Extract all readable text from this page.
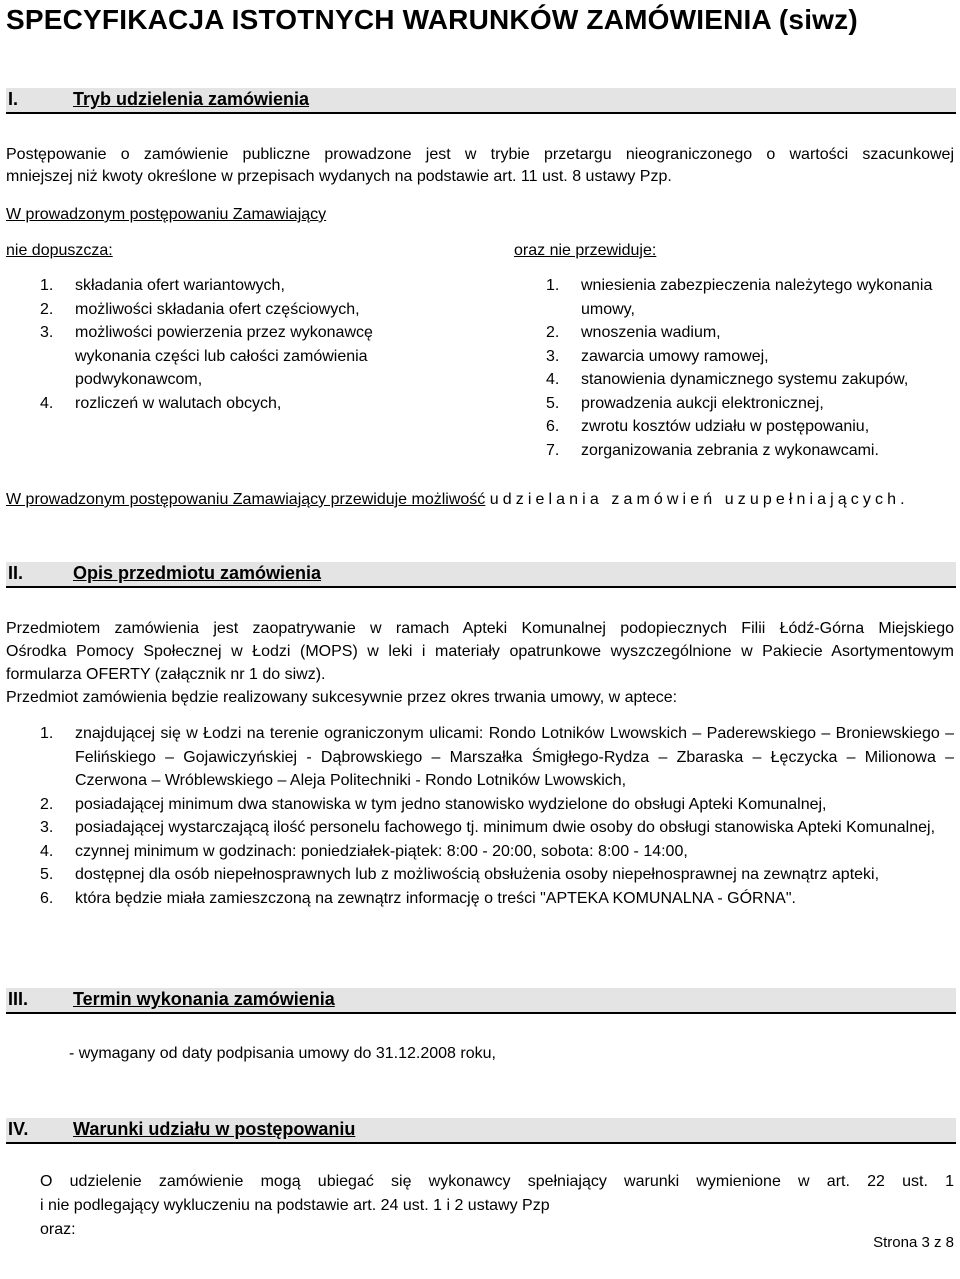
SPECYFIKACJA ISTOTNYCH WARUNKÓW ZAMÓWIENIA (siwz)
I.	Tryb udzielenia zamówienia
Postępowanie o zamówienie publiczne prowadzone jest w trybie przetargu nieograniczonego o wartości szacunkowej
mniejszej niż kwoty określone w przepisach wydanych na podstawie art. 11 ust. 8 ustawy Pzp.
W prowadzonym postępowaniu Zamawiający
nie dopuszcza:	oraz nie przewiduje:
1. składania ofert wariantowych,
2. możliwości składania ofert częściowych,
3. możliwości powierzenia przez wykonawcę wykonania części lub całości zamówienia podwykonawcom,
4. rozliczeń w walutach obcych,
1. wniesienia zabezpieczenia należytego wykonania umowy,
2. wnoszenia wadium,
3. zawarcia umowy ramowej,
4. stanowienia dynamicznego systemu zakupów,
5. prowadzenia aukcji elektronicznej,
6. zwrotu kosztów udziału w postępowaniu,
7. zorganizowania zebrania z wykonawcami.
W prowadzonym postępowaniu Zamawiający przewiduje możliwość udzielania zamówień uzupełniających.
II.	Opis przedmiotu zamówienia
Przedmiotem zamówienia jest zaopatrywanie w ramach Apteki Komunalnej podopiecznych Filii Łódź-Górna Miejskiego
Ośrodka Pomocy Społecznej w Łodzi (MOPS) w leki i materiały opatrunkowe wyszczególnione w Pakiecie Asortymentowym
formularza OFERTY (załącznik nr 1 do siwz).
Przedmiot zamówienia będzie realizowany sukcesywnie przez okres trwania umowy, w aptece:
1. znajdującej się w Łodzi na terenie ograniczonym ulicami: Rondo Lotników Lwowskich – Paderewskiego – Broniewskiego – Felińskiego – Gojawiczyńskiej - Dąbrowskiego – Marszałka Śmigłego-Rydza – Zbaraska – Łęczycka – Milionowa – Czerwona – Wróblewskiego – Aleja Politechniki - Rondo Lotników Lwowskich,
2. posiadającej minimum dwa stanowiska w tym jedno stanowisko wydzielone do obsługi Apteki Komunalnej,
3. posiadającej wystarczającą ilość personelu fachowego tj. minimum dwie osoby do obsługi stanowiska Apteki Komunalnej,
4. czynnej minimum w godzinach: poniedziałek-piątek: 8:00 - 20:00, sobota: 8:00 - 14:00,
5. dostępnej dla osób niepełnosprawnych lub z możliwością obsłużenia osoby niepełnosprawnej na zewnątrz apteki,
6. która będzie miała zamieszczoną na zewnątrz informację o treści "APTEKA KOMUNALNA - GÓRNA".
III. Termin wykonania zamówienia
- wymagany od daty podpisania umowy do 31.12.2008 roku,
IV. Warunki udziału w postępowaniu
O udzielenie zamówienie mogą ubiegać się wykonawcy spełniający warunki wymienione w art. 22 ust. 1
i nie podlegający wykluczeniu na podstawie art. 24 ust. 1 i 2 ustawy Pzp
oraz:
Strona 3 z 8
